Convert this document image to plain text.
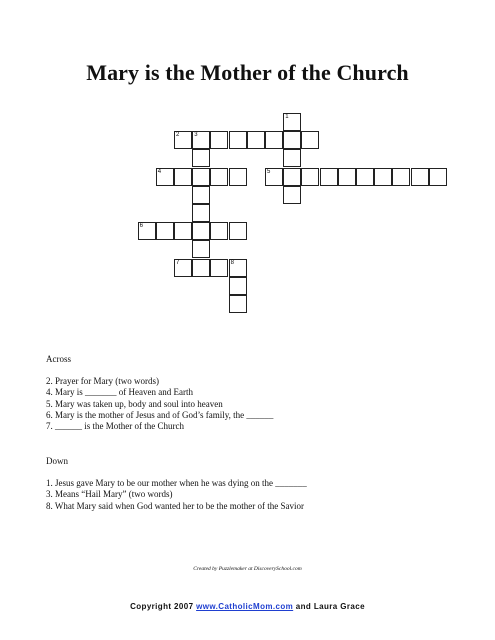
Mary is the Mother of the Church
2 3
4	5
6
7	8
1
Across
2. Prayer for Mary (two words)
4. Mary is _______ of Heaven and Earth
5. Mary was taken up, body and soul into heaven
6. Mary is the mother of Jesus and of God’s family, the ______
7. ______ is the Mother of the Church
Down
1. Jesus gave Mary to be our mother when he was dying on the _______
3. Means “Hail Mary” (two words)
8. What Mary said when God wanted her to be the mother of the Savior
Created by Puzzlemaker at DiscoverySchool.com
Copyright 2007 www.CatholicMom.com and Laura Grace
